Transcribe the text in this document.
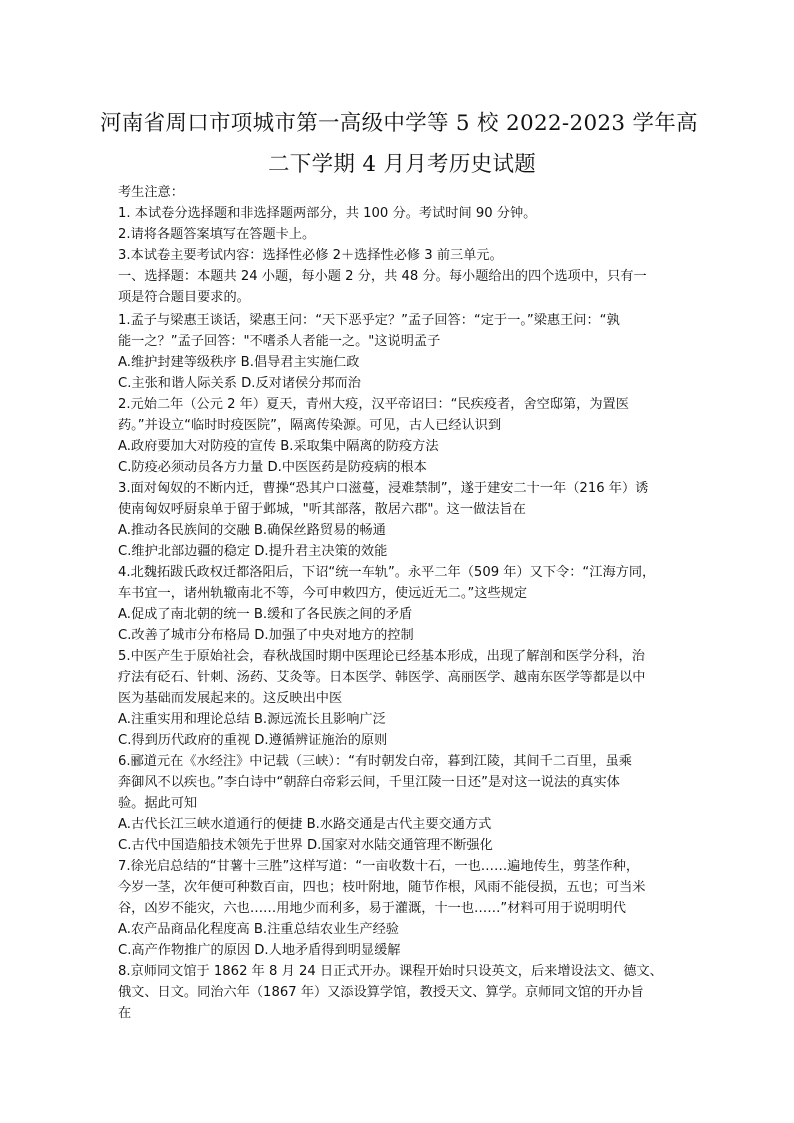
河南省周口市项城市第一高级中学等 5 校 2022-2023 学年高
二下学期 4 月月考历史试题
考生注意：
1. 本试卷分选择题和非选择题两部分，共 100 分。考试时间 90 分钟。
2.请将各题答案填写在答题卡上。
3.本试卷主要考试内容：选择性必修 2＋选择性必修 3 前三单元。
一、选择题：本题共 24 小题，每小题 2 分，共 48 分。每小题给出的四个选项中，只有一
项是符合题目要求的。
1.孟子与梁惠王谈话，梁惠王问：“天下恶乎定？”孟子回答：“定于一。”梁惠王问：“孰
能一之？”孟子回答："不嗜杀人者能一之。"这说明孟子
A.维护封建等级秩序 B.倡导君主实施仁政
C.主张和谐人际关系 D.反对诸侯分邦而治
2.元始二年（公元 2 年）夏天，青州大疫，汉平帝诏曰：“民疾疫者，舍空邸第，为置医
药。”并设立“临时时疫医院”，隔离传染源。可见，古人已经认识到
A.政府要加大对防疫的宣传 B.采取集中隔离的防疫方法
C.防疫必须动员各方力量 D.中医医药是防疫病的根本
3.面对匈奴的不断内迁，曹操“恐其户口滋蔓，浸难禁制”，遂于建安二十一年（216 年）诱
使南匈奴呼厨泉单于留于邺城，"听其部落，散居六郡"。这一做法旨在
A.推动各民族间的交融 B.确保丝路贸易的畅通
C.维护北部边疆的稳定 D.提升君主决策的效能
4.北魏拓跋氏政权迁都洛阳后，下诏“统一车轨”。永平二年（509 年）又下令：“江海方同，
车书宜一，诸州轨辙南北不等，今可申敕四方，使远近无二。”这些规定
A.促成了南北朝的统一 B.缓和了各民族之间的矛盾
C.改善了城市分布格局 D.加强了中央对地方的控制
5.中医产生于原始社会，春秋战国时期中医理论已经基本形成，出现了解剖和医学分科，治
疗法有砭石、针刺、汤药、艾灸等。日本医学、韩医学、高丽医学、越南东医学等都是以中
医为基础而发展起来的。这反映出中医
A.注重实用和理论总结 B.源远流长且影响广泛
C.得到历代政府的重视 D.遵循辨证施治的原则
6.郦道元在《水经注》中记载（三峡）：“有时朝发白帝，暮到江陵，其间千二百里，虽乘
奔御风不以疾也。”李白诗中“朝辞白帝彩云间，千里江陵一日还”是对这一说法的真实体
验。据此可知
A.古代长江三峡水道通行的便捷 B.水路交通是古代主要交通方式
C.古代中国造船技术领先于世界 D.国家对水陆交通管理不断强化
7.徐光启总结的“甘薯十三胜”这样写道：“一亩收数十石，一也……遍地传生，剪茎作种，
今岁一茎，次年便可种数百亩，四也；枝叶附地，随节作根，风雨不能侵损，五也；可当米
谷，凶岁不能灾，六也……用地少而利多，易于灌溉，十一也……”材料可用于说明明代
A.农产品商品化程度高 B.注重总结农业生产经验
C.高产作物推广的原因 D.人地矛盾得到明显缓解
8.京师同文馆于 1862 年 8 月 24 日正式开办。课程开始时只设英文，后来增设法文、德文、
俄文、日文。同治六年（1867 年）又添设算学馆，教授天文、算学。京师同文馆的开办旨
在
